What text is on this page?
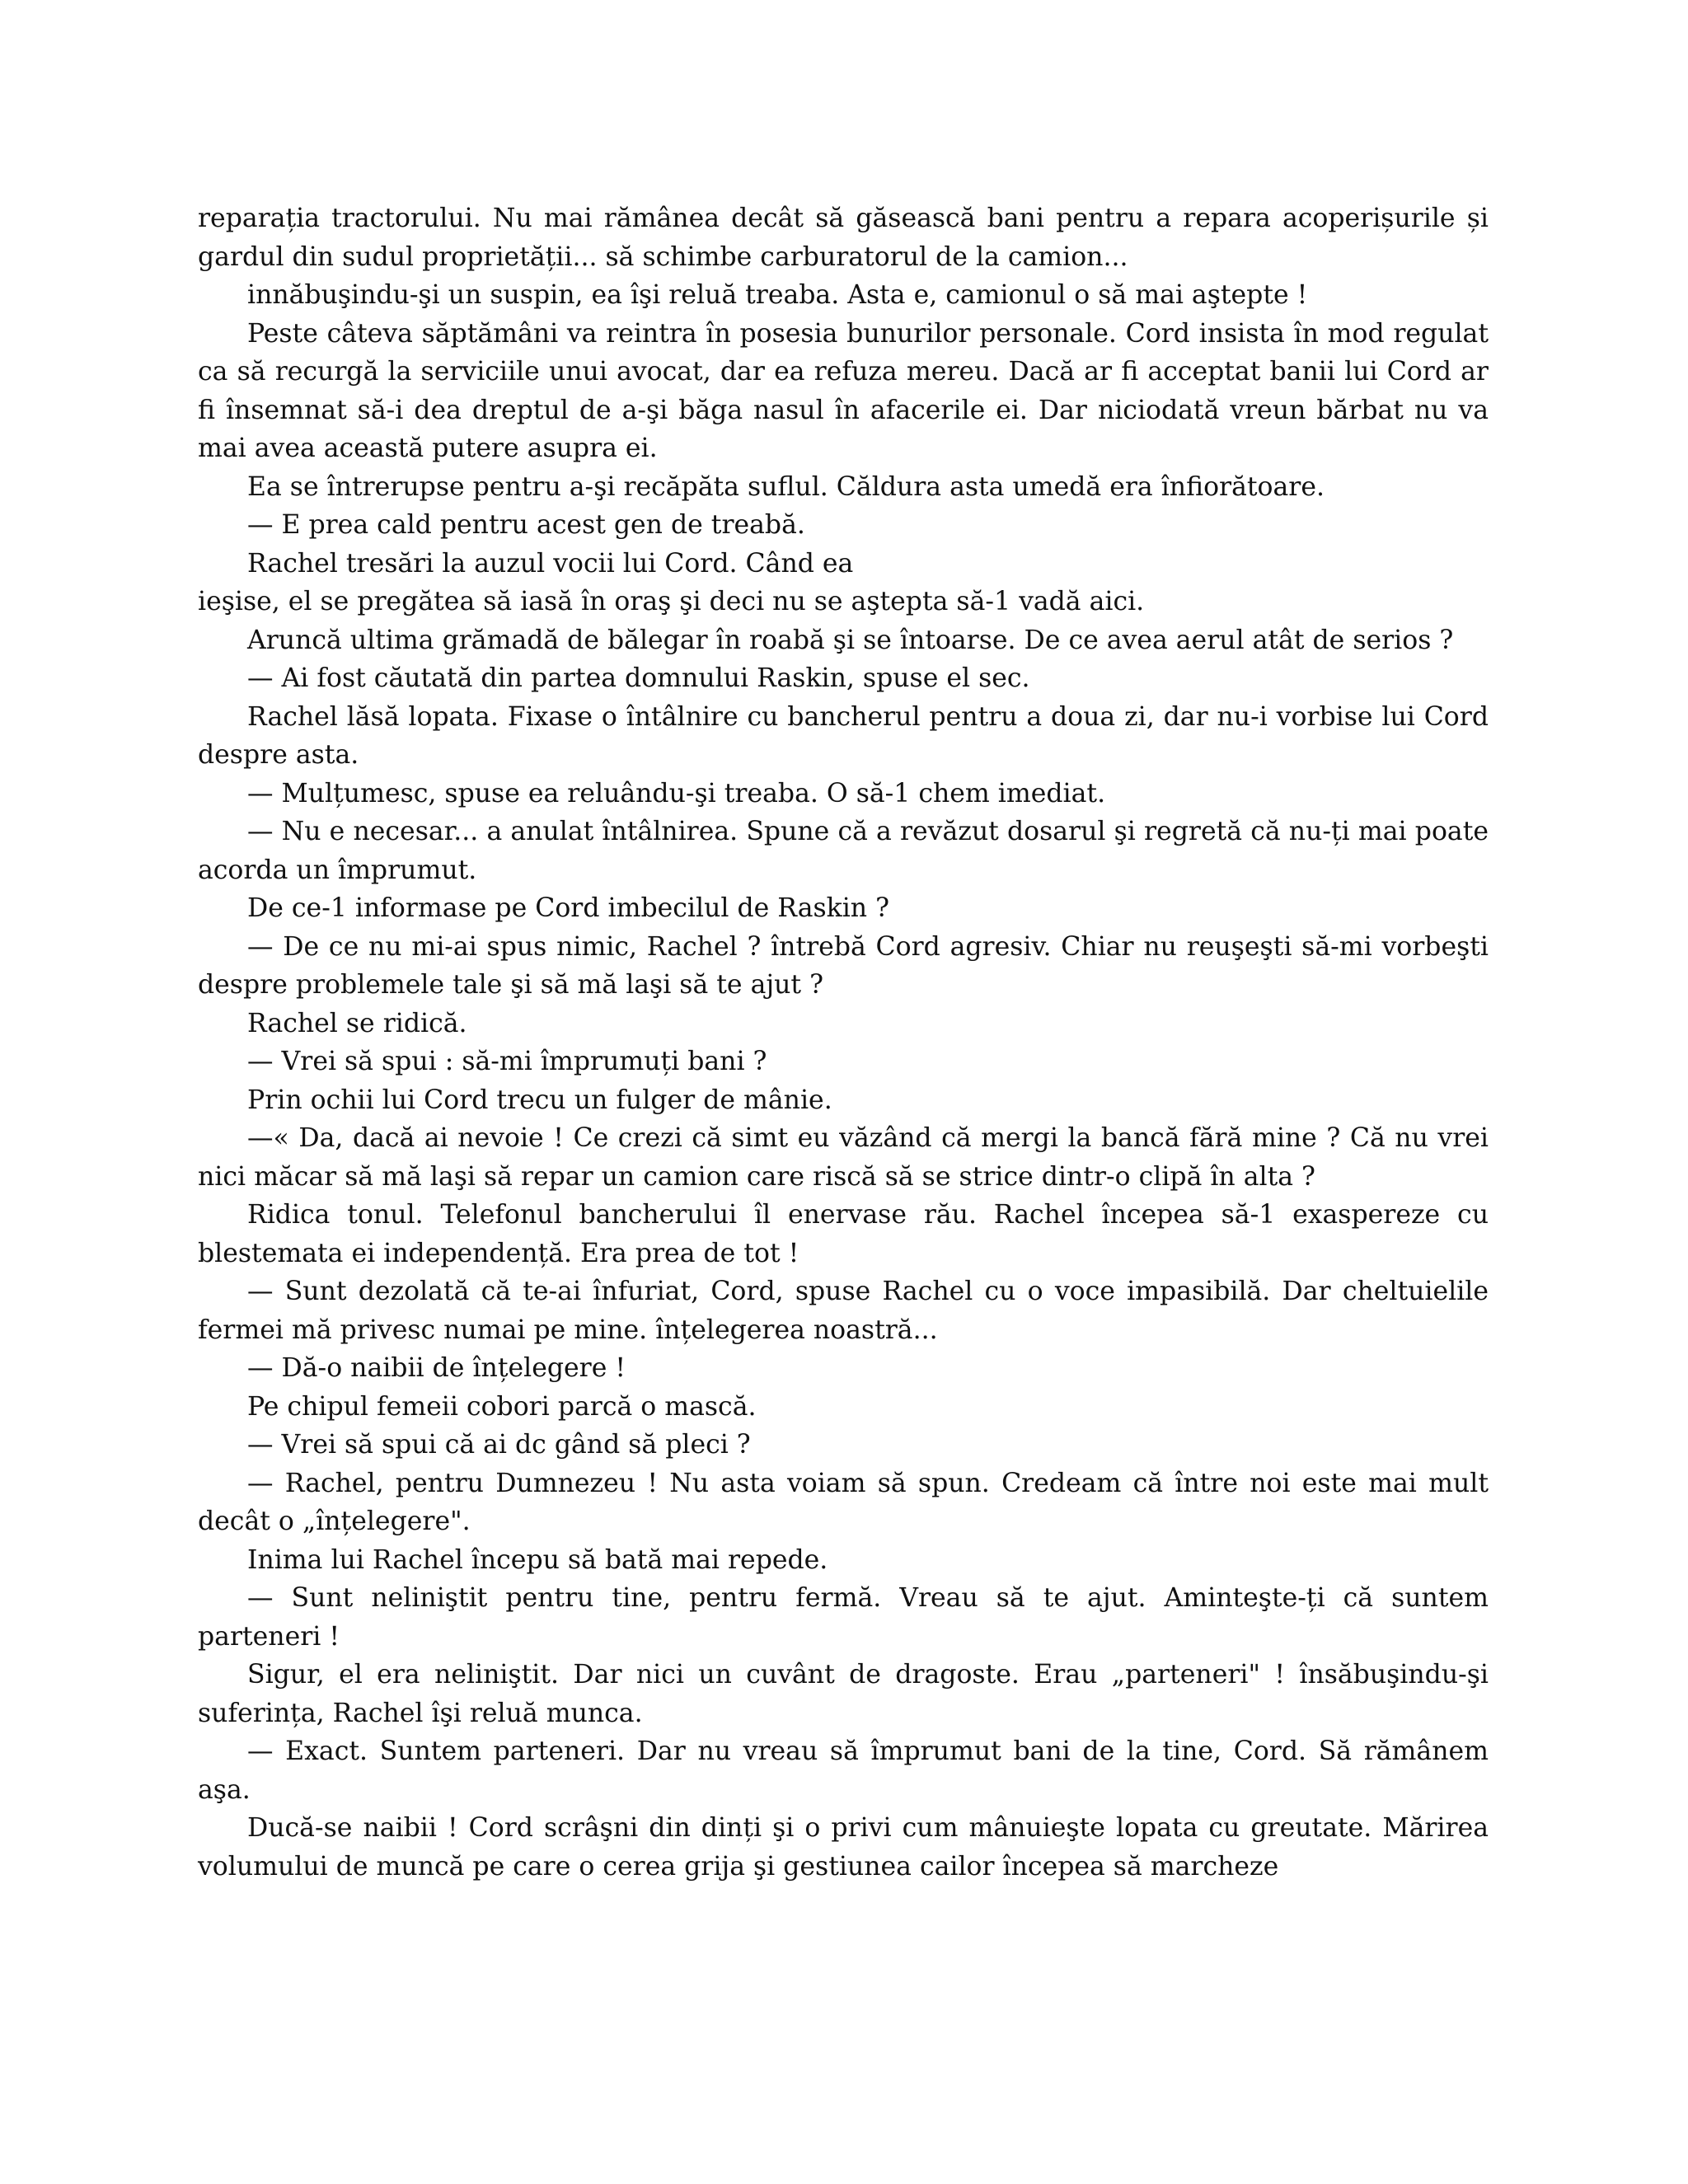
reparația tractorului. Nu mai rămânea decât să găsească bani pentru a repara acoperișurile și gardul din sudul proprietății... să schimbe carburatorul de la camion...

innăbuşindu-şi un suspin, ea îşi reluă treaba. Asta e, camionul o să mai aştepte !

Peste câteva săptămâni va reintra în posesia bunurilor personale. Cord insista în mod regulat ca să recurgă la serviciile unui avocat, dar ea refuza mereu. Dacă ar fi acceptat banii lui Cord ar fi însemnat să-i dea dreptul de a-şi băga nasul în afacerile ei. Dar niciodată vreun bărbat nu va mai avea această putere asupra ei.

Ea se întrerupse pentru a-şi recăpăta suflul. Căldura asta umedă era înfiorătoare.

— E prea cald pentru acest gen de treabă.

Rachel tresări la auzul vocii lui Cord. Când ea

ieşise, el se pregătea să iasă în oraş şi deci nu se aştepta să-1 vadă aici.

Aruncă ultima grămadă de bălegar în roabă şi se întoarse. De ce avea aerul atât de serios ?

— Ai fost căutată din partea domnului Raskin, spuse el sec.

Rachel lăsă lopata. Fixase o întâlnire cu bancherul pentru a doua zi, dar nu-i vorbise lui Cord despre asta.

— Mulțumesc, spuse ea reluându-şi treaba. O să-1 chem imediat.

— Nu e necesar... a anulat întâlnirea. Spune că a revăzut dosarul şi regretă că nu-ți mai poate acorda un împrumut.

De ce-1 informase pe Cord imbecilul de Raskin ?

— De ce nu mi-ai spus nimic, Rachel ? întrebă Cord agresiv. Chiar nu reuşeşti să-mi vorbeşti despre problemele tale şi să mă laşi să te ajut ?

Rachel se ridică.

— Vrei să spui : să-mi împrumuți bani ?

Prin ochii lui Cord trecu un fulger de mânie.

—« Da, dacă ai nevoie ! Ce crezi că simt eu văzând că mergi la bancă fără mine ? Că nu vrei nici măcar să mă laşi să repar un camion care riscă să se strice dintr-o clipă în alta ?

Ridica tonul. Telefonul bancherului îl enervase rău. Rachel începea să-1 exaspereze cu blestemata ei independență. Era prea de tot !

— Sunt dezolată că te-ai înfuriat, Cord, spuse Rachel cu o voce impasibilă. Dar cheltuielile fermei mă privesc numai pe mine. înțelegerea noastră...

— Dă-o naibii de înțelegere !

Pe chipul femeii cobori parcă o mască.

— Vrei să spui că ai dc gând să pleci ?

— Rachel, pentru Dumnezeu ! Nu asta voiam să spun. Credeam că între noi este mai mult decât o „înțelegere".

Inima lui Rachel începu să bată mai repede.

— Sunt neliniştit pentru tine, pentru fermă. Vreau să te ajut. Aminteşte-ți că suntem parteneri !

Sigur, el era neliniştit. Dar nici un cuvânt de dragoste. Erau „parteneri" ! însăbuşindu-şi suferința, Rachel îşi reluă munca.

— Exact. Suntem parteneri. Dar nu vreau să împrumut bani de la tine, Cord. Să rămânem aşa.

Ducă-se naibii ! Cord scrâşni din dinți şi o privi cum mânuieşte lopata cu greutate. Mărirea volumului de muncă pe care o cerea grija şi gestiunea cailor începea să marcheze
